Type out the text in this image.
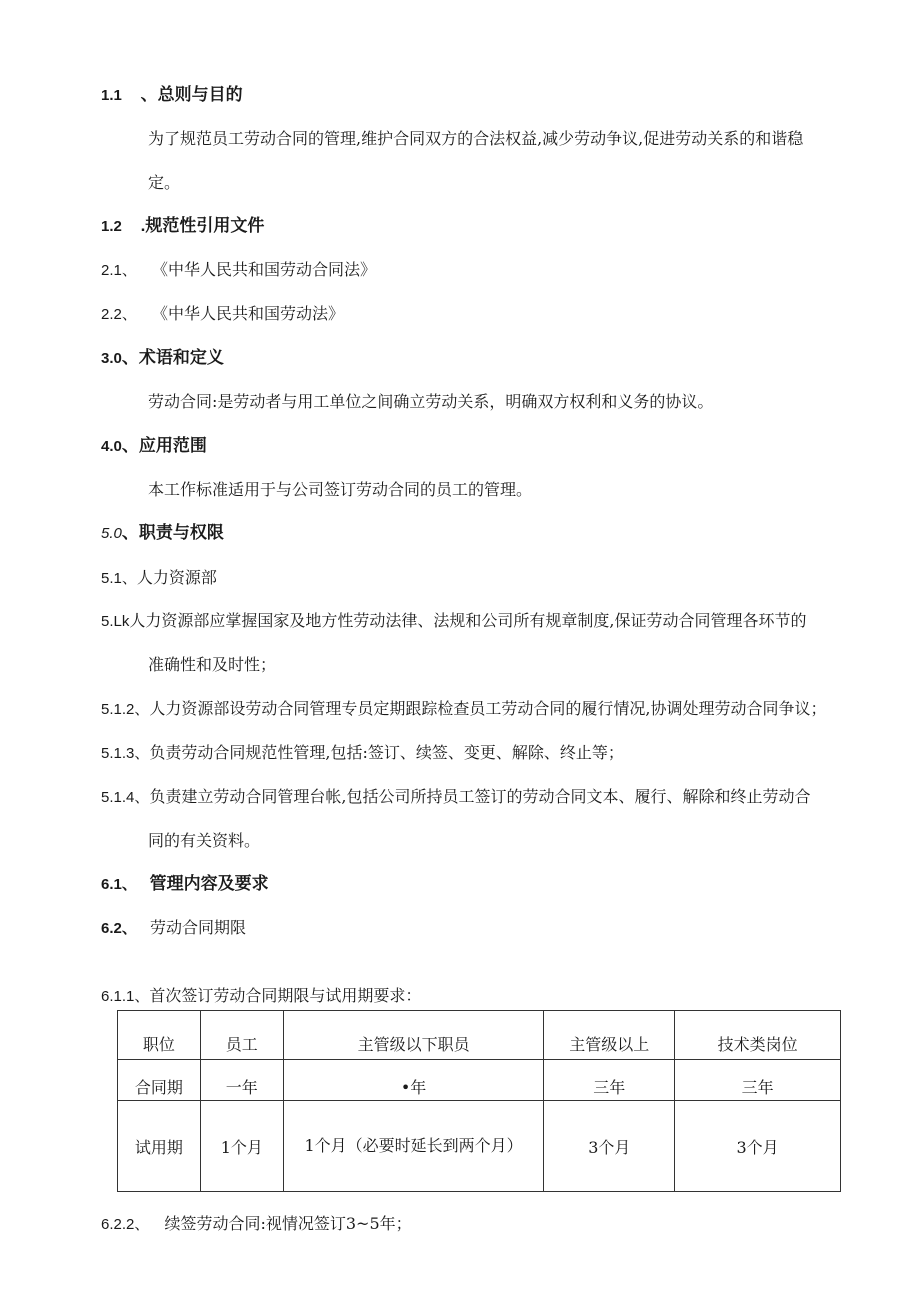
1.1 、总则与目的
为了规范员工劳动合同的管理,维护合同双方的合法权益,减少劳动争议,促进劳动关系的和谐稳
定。
1.2 .规范性引用文件
2.1、 《中华人民共和国劳动合同法》
2.2、 《中华人民共和国劳动法》
3.0、术语和定义
劳动合同:是劳动者与用工单位之间确立劳动关系，明确双方权利和义务的协议。
4.0、应用范围
本工作标准适用于与公司签订劳动合同的员工的管理。
5.0、职责与权限
5.1、人力资源部
5.Lk人力资源部应掌握国家及地方性劳动法律、法规和公司所有规章制度,保证劳动合同管理各环节的
准确性和及时性；
5.1.2、人力资源部设劳动合同管理专员定期跟踪检查员工劳动合同的履行情况,协调处理劳动合同争议；
5.1.3、负责劳动合同规范性管理,包括:签订、续签、变更、解除、终止等；
5.1.4、负责建立劳动合同管理台帐,包括公司所持员工签订的劳动合同文本、履行、解除和终止劳动合
同的有关资料。
6.1、 管理内容及要求
6.2、 劳动合同期限
6.1.1、首次签订劳动合同期限与试用期要求：
职位	员工	主管级以下职员	主管级以上	技术类岗位
合同期	一年	•年	三年	三年
试用期	1个月	1个月（必要时延长到两个月）	3个月	3个月
6.2.2、 续签劳动合同:视情况签订3~5年；
